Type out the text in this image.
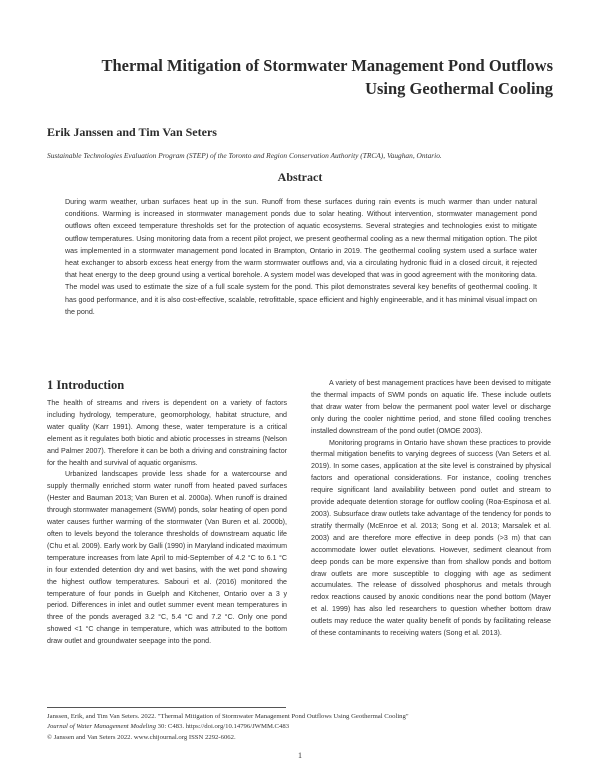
Thermal Mitigation of Stormwater Management Pond Outflows
Using Geothermal Cooling
Erik Janssen and Tim Van Seters
Sustainable Technologies Evaluation Program (STEP) of the Toronto and Region Conservation Authority (TRCA), Vaughan, Ontario.
Abstract
During warm weather, urban surfaces heat up in the sun. Runoff from these surfaces during rain events is much warmer than under natural conditions. Warming is increased in stormwater management ponds due to solar heating. Without intervention, stormwater management pond outflows often exceed temperature thresholds set for the protection of aquatic ecosystems. Several strategies and technologies exist to mitigate outflow temperatures. Using monitoring data from a recent pilot project, we present geothermal cooling as a new thermal mitigation option. The pilot was implemented in a stormwater management pond located in Brampton, Ontario in 2019. The geothermal cooling system used a surface water heat exchanger to absorb excess heat energy from the warm stormwater outflows and, via a circulating hydronic fluid in a closed circuit, it rejected that heat energy to the deep ground using a vertical borehole. A system model was developed that was in good agreement with the monitoring data. The model was used to estimate the size of a full scale system for the pond. This pilot demonstrates several key benefits of geothermal cooling. It has good performance, and it is also cost-effective, scalable, retrofittable, space efficient and highly engineerable, and it has minimal visual impact on the pond.
1 Introduction

The health of streams and rivers is dependent on a variety of factors including hydrology, temperature, geomorphology, habitat structure, and water quality (Karr 1991). Among these, water temperature is a critical element as it regulates both biotic and abiotic processes in streams (Nelson and Palmer 2007). Therefore it can be both a driving and constraining factor for the health and survival of aquatic organisms.

Urbanized landscapes provide less shade for a watercourse and supply thermally enriched storm water runoff from heated paved surfaces (Hester and Bauman 2013; Van Buren et al. 2000a). When runoff is drained through stormwater management (SWM) ponds, solar heating of open pond water causes further warming of the stormwater (Van Buren et al. 2000b), often to levels beyond the tolerance thresholds of downstream aquatic life (Chu et al. 2009). Early work by Galli (1990) in Maryland indicated maximum temperature increases from late April to mid-September of 4.2 °C to 6.1 °C in four extended detention dry and wet basins, with the wet pond showing the highest outflow temperatures. Sabouri et al. (2016) monitored the temperature of four ponds in Guelph and Kitchener, Ontario over a 3 y period. Differences in inlet and outlet summer event mean temperatures in three of the ponds averaged 3.2 °C, 5.4 °C and 7.2 °C. Only one pond showed <1 °C change in temperature, which was attributed to the bottom draw outlet and groundwater seepage into the pond.

A variety of best management practices have been devised to mitigate the thermal impacts of SWM ponds on aquatic life. These include outlets that draw water from below the permanent pool water level or discharge only during the cooler nighttime period, and stone filled cooling trenches installed downstream of the pond outlet (OMOE 2003).

Monitoring programs in Ontario have shown these practices to provide thermal mitigation benefits to varying degrees of success (Van Seters et al. 2019). In some cases, application at the site level is constrained by physical factors and operational considerations. For instance, cooling trenches require significant land availability between pond outlet and stream to provide adequate detention storage for outflow cooling (Roa-Espinosa et al. 2003). Subsurface draw outlets take advantage of the tendency for ponds to stratify thermally (McEnroe et al. 2013; Song et al. 2013; Marsalek et al. 2003) and are therefore more effective in deep ponds (>3 m) that can accommodate lower outlet elevations. However, sediment cleanout from deep ponds can be more expensive than from shallow ponds and bottom draw outlets are more susceptible to clogging with age as sediment accumulates. The release of dissolved phosphorus and metals through redox reactions caused by anoxic conditions near the pond bottom (Mayer et al. 1999) has also led researchers to question whether bottom draw outlets may reduce the water quality benefit of ponds by facilitating release of these contaminants to receiving waters (Song et al. 2013).

Janssen, Erik, and Tim Van Seters. 2022. "Thermal Mitigation of Stormwater Management Pond Outflows Using Geothermal Cooling"
Journal of Water Management Modeling 30: C483. https://doi.org/10.14796/JWMM.C483
© Janssen and Van Seters 2022. www.chijournal.org ISSN 2292-6062.
1
